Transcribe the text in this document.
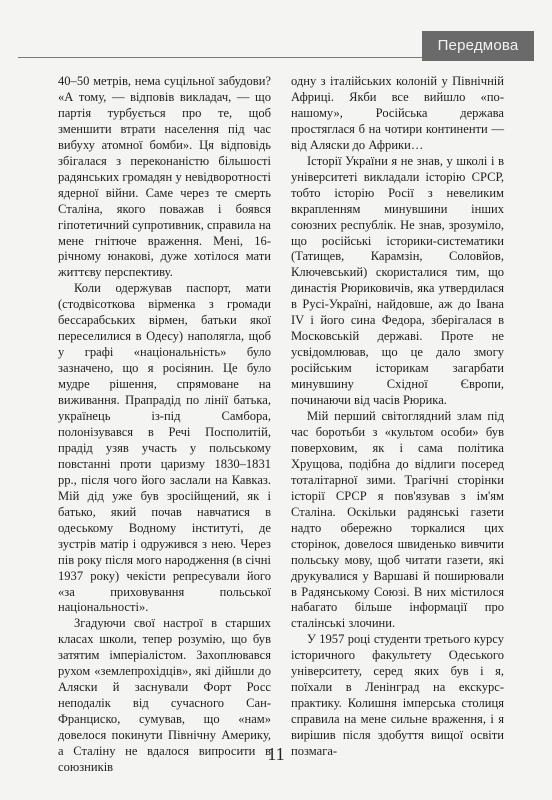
Передмова

40–50 метрів, нема суцільної забудови? «А тому, — відповів викладач, — що партія турбується про те, щоб зменшити втрати населення під час вибуху атомної бомби». Ця відповідь збігалася з переконаністю більшості радянських громадян у невідворотності ядерної війни. Саме через те смерть Сталіна, якого поважав і боявся гіпотетичний супротивник, справила на мене гнітюче враження. Мені, 16-річному юнакові, дуже хотілося мати життєву перспективу.

Коли одержував паспорт, мати (стодвісоткова вірменка з громади бессарабських вірмен, батьки якої переселилися в Одесу) наполягла, щоб у графі «національність» було зазначено, що я росіянин. Це було мудре рішення, спрямоване на виживання. Прапрадід по лінії батька, українець із-під Самбора, полонізувався в Речі Посполитій, прадід узяв участь у польському повстанні проти царизму 1830–1831 рр., після чого його заслали на Кавказ. Мій дід уже був зросійщений, як і батько, який почав навчатися в одеському Водному інституті, де зустрів матір і одружився з нею. Через пів року після мого народження (в січні 1937 року) чекісти репресували його «за приховування польської національності».

Згадуючи свої настрої в старших класах школи, тепер розумію, що був затятим імперіалістом. Захоплювався рухом «землепрохідців», які дійшли до Аляски й заснували Форт Росс неподалік від сучасного Сан-Франциско, сумував, що «нам» довелося покинути Північну Америку, а Сталіну не вдалося випросити в союзників

одну з італійських колоній у Північній Африці. Якби все вийшло «по-нашому», Російська держава простяглася б на чотири континенти — від Аляски до Африки…

Історії України я не знав, у школі і в університеті викладали історію СРСР, тобто історію Росії з невеликим вкрапленням минувшини інших союзних республік. Не знав, зрозуміло, що російські історики-систематики (Татищев, Карамзін, Соловйов, Ключевський) скористалися тим, що династія Рюриковичів, яка утвердилася в Русі-Україні, найдовше, аж до Івана IV і його сина Федора, зберігалася в Московській державі. Проте не усвідомлював, що це дало змогу російським історикам загарбати минувшину Східної Європи, починаючи від часів Рюрика.

Мій перший світоглядний злам під час боротьби з «культом особи» був поверховим, як і сама політика Хрущова, подібна до відлиги посеред тоталітарної зими. Трагічні сторінки історії СРСР я пов'язував з ім'ям Сталіна. Оскільки радянські газети надто обережно торкалися цих сторінок, довелося швиденько вивчити польську мову, щоб читати газети, які друкувалися у Варшаві й поширювали в Радянському Союзі. В них містилося набагато більше інформації про сталінські злочини.

У 1957 році студенти третього курсу історичного факультету Одеського університету, серед яких був і я, поїхали в Ленінград на екскурс-практику. Колишня імперська столиця справила на мене сильне враження, і я вирішив після здобуття вищої освіти позмага-

11
